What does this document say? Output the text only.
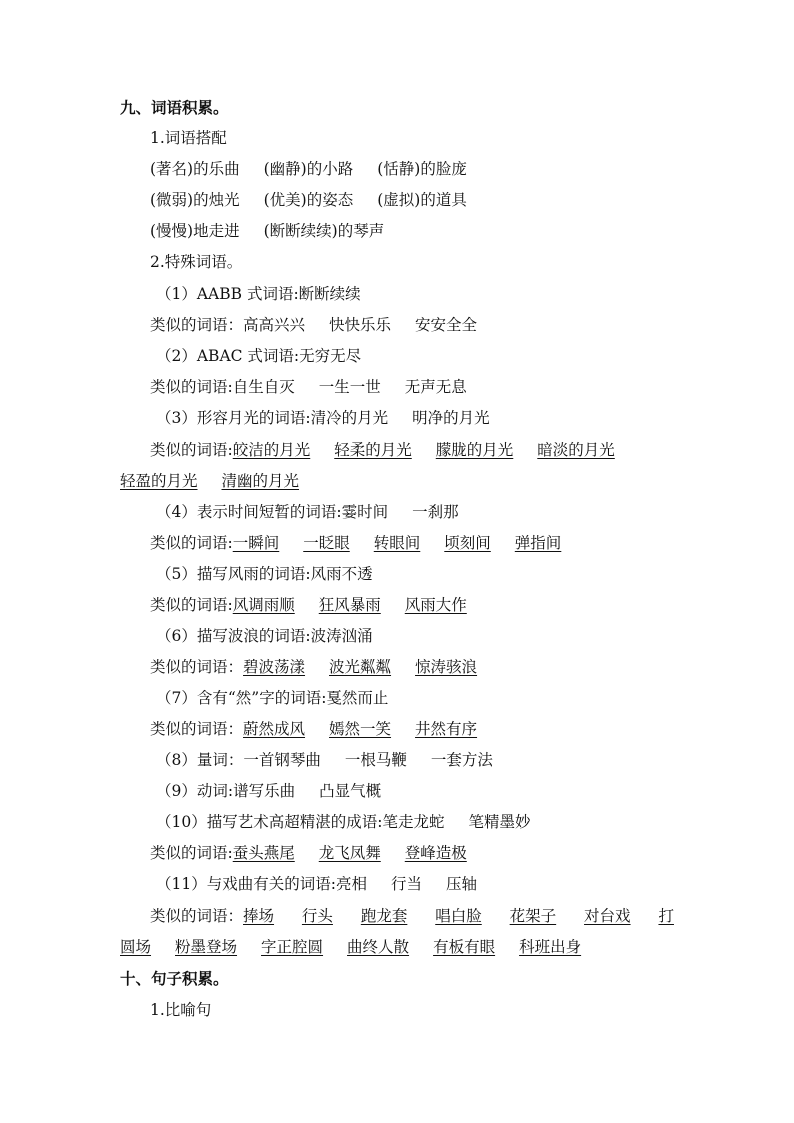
九、词语积累。
1.词语搭配
(著名)的乐曲 (幽静)的小路 (恬静)的脸庞
(微弱)的烛光 (优美)的姿态 (虚拟)的道具
(慢慢)地走进 (断断续续)的琴声
2.特殊词语。
（1）AABB 式词语:断断续续
类似的词语：高高兴兴 快快乐乐 安安全全
（2）ABAC 式词语:无穷无尽
类似的词语:自生自灭 一生一世 无声无息
（3）形容月光的词语:清冷的月光 明净的月光
类似的词语:皎洁的月光 轻柔的月光 朦胧的月光 暗淡的月光
轻盈的月光 清幽的月光
（4）表示时间短暂的词语:霎时间 一刹那
类似的词语:一瞬间 一眨眼 转眼间 顷刻间 弹指间
（5）描写风雨的词语:风雨不透
类似的词语:风调雨顺 狂风暴雨 风雨大作
（6）描写波浪的词语:波涛汹涌
类似的词语：碧波荡漾 波光粼粼 惊涛骇浪
（7）含有“然”字的词语:戛然而止
类似的词语：蔚然成风 嫣然一笑 井然有序
（8）量词：一首钢琴曲 一根马鞭 一套方法
（9）动词:谱写乐曲 凸显气概
（10）描写艺术高超精湛的成语:笔走龙蛇 笔精墨妙
类似的词语:蚕头燕尾 龙飞凤舞 登峰造极
（11）与戏曲有关的词语:亮相 行当 压轴
类似的词语：捧场 行头 跑龙套 唱白脸 花架子 对台戏 打
圆场 粉墨登场 字正腔圆 曲终人散 有板有眼 科班出身
十、句子积累。
1.比喻句
